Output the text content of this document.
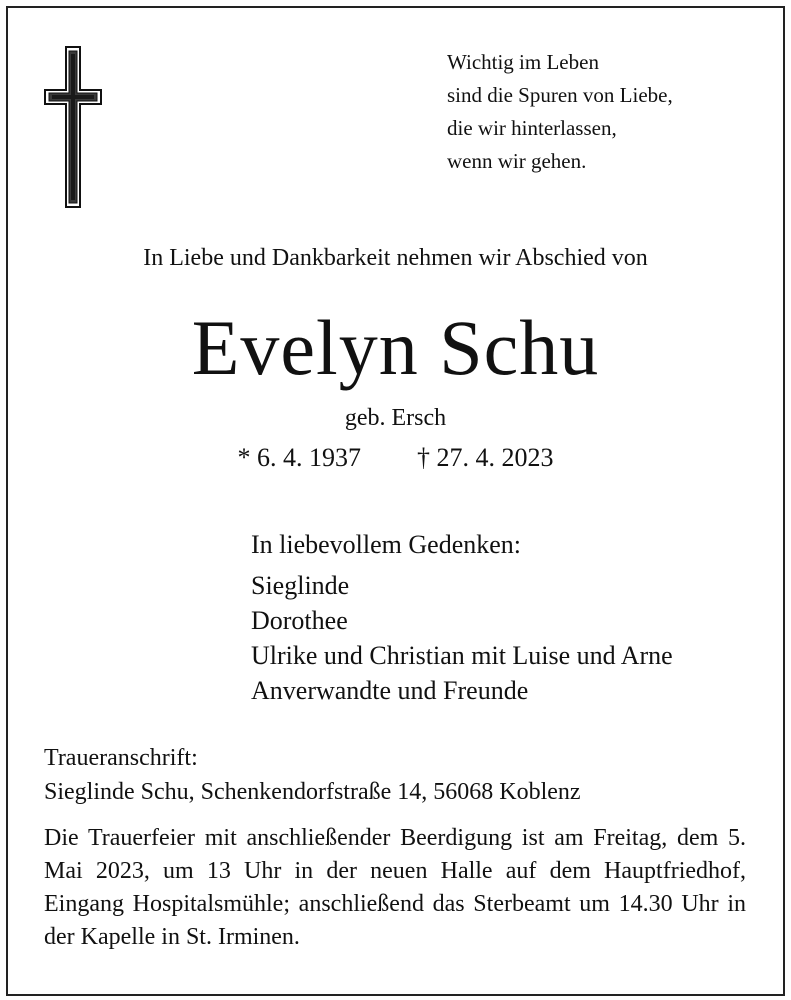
Wichtig im Leben
sind die Spuren von Liebe,
die wir hinterlassen,
wenn wir gehen.
In Liebe und Dankbarkeit nehmen wir Abschied von
Evelyn Schu
geb. Ersch
* 6. 4. 1937 † 27. 4. 2023
In liebevollem Gedenken:
Sieglinde
Dorothee
Ulrike und Christian mit Luise und Arne
Anverwandte und Freunde
Traueranschrift:
Sieglinde Schu, Schenkendorfstraße 14, 56068 Koblenz
Die Trauerfeier mit anschließender Beerdigung ist am Freitag, dem 5. Mai 2023, um 13 Uhr in der neuen Halle auf dem Hauptfriedhof, Eingang Hospitalsmühle; anschließend das Sterbeamt um 14.30 Uhr in der Kapelle in St. Irminen.
